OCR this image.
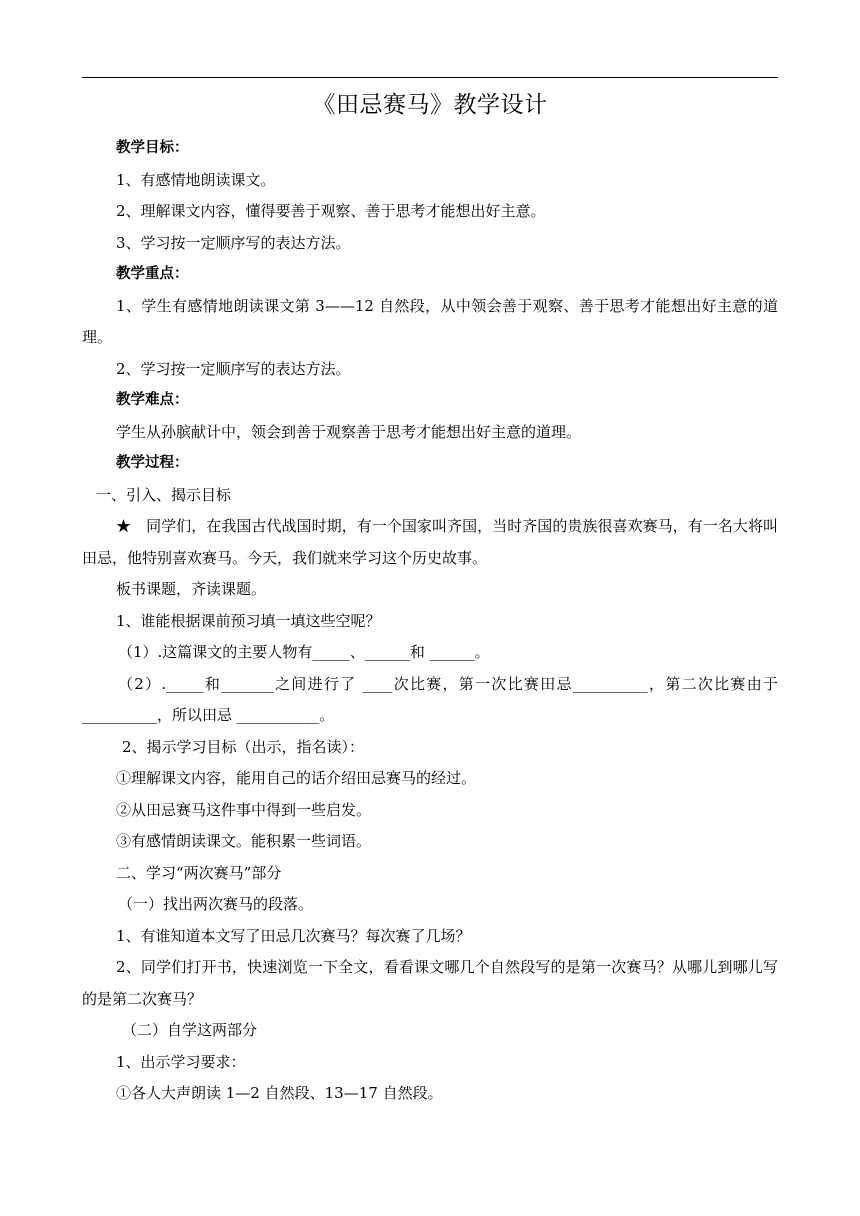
《田忌赛马》教学设计

教学目标：

1、有感情地朗读课文。

2、理解课文内容，懂得要善于观察、善于思考才能想出好主意。

3、学习按一定顺序写的表达方法。

教学重点：

1、学生有感情地朗读课文第 3——12 自然段，从中领会善于观察、善于思考才能想出好主意的道理。

2、学习按一定顺序写的表达方法。

教学难点：

学生从孙膑献计中，领会到善于观察善于思考才能想出好主意的道理。

教学过程：

一、引入、揭示目标

★　同学们，在我国古代战国时期，有一个国家叫齐国，当时齐国的贵族很喜欢赛马，有一名大将叫田忌，他特别喜欢赛马。今天，我们就来学习这个历史故事。

板书课题，齐读课题。

1、谁能根据课前预习填一填这些空呢？

（1）.这篇课文的主要人物有_____、______和 ______。

（2）._____和_______之间进行了 ____次比赛，第一次比赛田忌__________，第二次比赛由于__________，所以田忌 ___________。

2、揭示学习目标（出示，指名读）：

①理解课文内容，能用自己的话介绍田忌赛马的经过。

②从田忌赛马这件事中得到一些启发。

③有感情朗读课文。能积累一些词语。

二、学习“两次赛马”部分

（一）找出两次赛马的段落。

1、有谁知道本文写了田忌几次赛马？每次赛了几场？

2、同学们打开书，快速浏览一下全文，看看课文哪几个自然段写的是第一次赛马？从哪儿到哪儿写的是第二次赛马？

（二）自学这两部分

1、出示学习要求：

①各人大声朗读 1—2 自然段、13—17 自然段。
